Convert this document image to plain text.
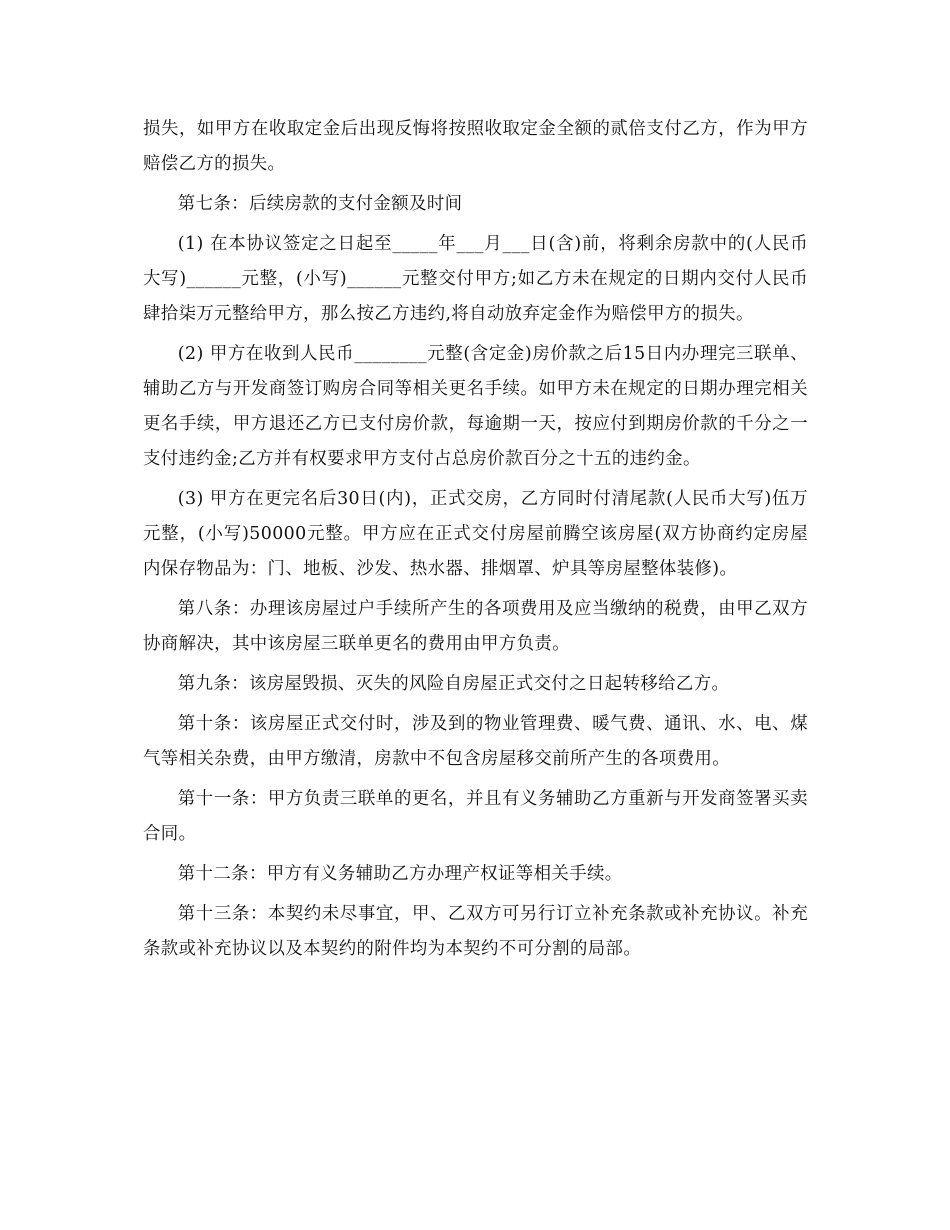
损失，如甲方在收取定金后出现反悔将按照收取定金全额的贰倍支付乙方，作为甲方赔偿乙方的损失。

第七条：后续房款的支付金额及时间

(1) 在本协议签定之日起至_____年___月___日(含)前，将剩余房款中的(人民币大写)______元整，(小写)______元整交付甲方;如乙方未在规定的日期内交付人民币肆拾柒万元整给甲方，那么按乙方违约,将自动放弃定金作为赔偿甲方的损失。

(2) 甲方在收到人民币________元整(含定金)房价款之后15日内办理完三联单、辅助乙方与开发商签订购房合同等相关更名手续。如甲方未在规定的日期办理完相关更名手续，甲方退还乙方已支付房价款，每逾期一天，按应付到期房价款的千分之一支付违约金;乙方并有权要求甲方支付占总房价款百分之十五的违约金。

(3) 甲方在更完名后30日(内)，正式交房，乙方同时付清尾款(人民币大写)伍万元整，(小写)50000元整。甲方应在正式交付房屋前腾空该房屋(双方协商约定房屋内保存物品为：门、地板、沙发、热水器、排烟罩、炉具等房屋整体装修)。

第八条：办理该房屋过户手续所产生的各项费用及应当缴纳的税费，由甲乙双方协商解决，其中该房屋三联单更名的费用由甲方负责。

第九条：该房屋毁损、灭失的风险自房屋正式交付之日起转移给乙方。

第十条：该房屋正式交付时，涉及到的物业管理费、暖气费、通讯、水、电、煤气等相关杂费，由甲方缴清，房款中不包含房屋移交前所产生的各项费用。

第十一条：甲方负责三联单的更名，并且有义务辅助乙方重新与开发商签署买卖合同。

第十二条：甲方有义务辅助乙方办理产权证等相关手续。

第十三条：本契约未尽事宜，甲、乙双方可另行订立补充条款或补充协议。补充条款或补充协议以及本契约的附件均为本契约不可分割的局部。
